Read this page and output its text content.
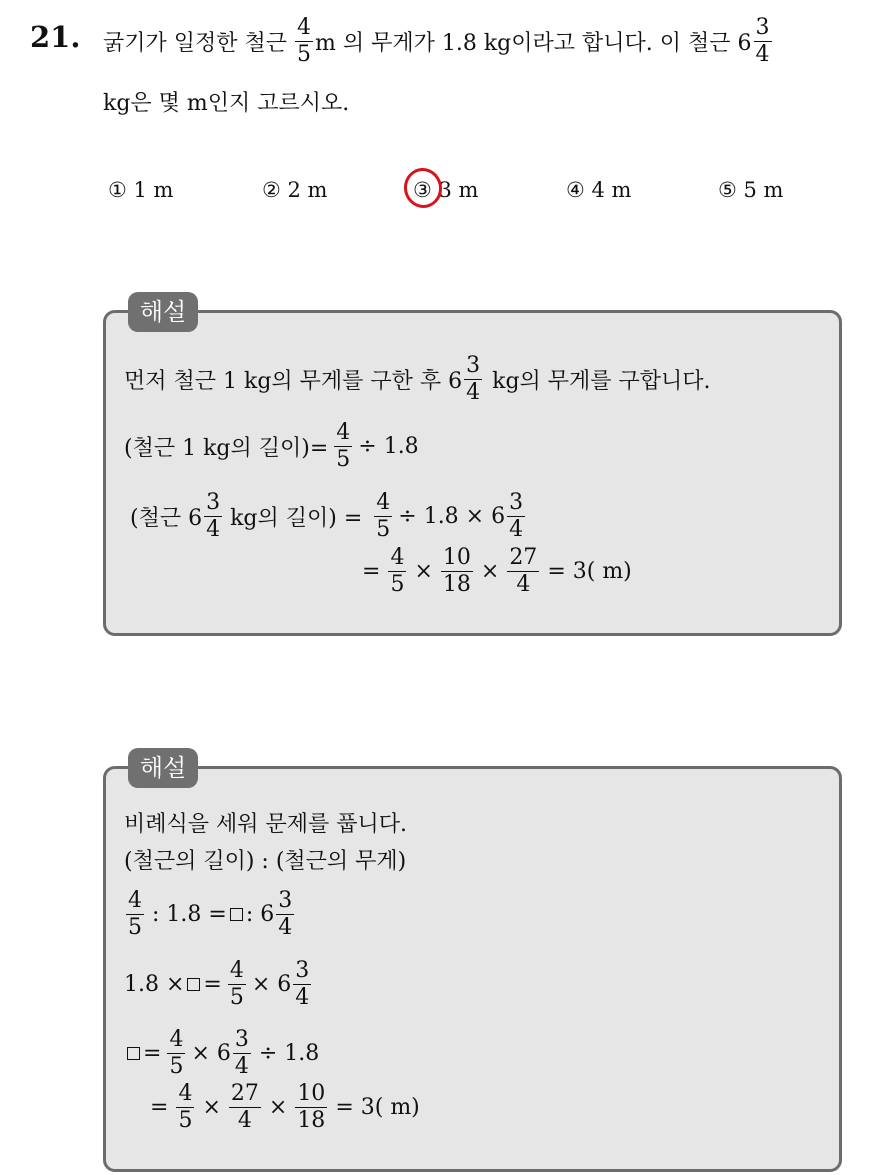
21. 굵기가 일정한 철근 $\frac{4}{5}$ m 의 무게가 1.8 kg이라고 합니다. 이 철근 $6 \frac{3}{4}$
kg은 몇 m인지 고르시오.
① 1 m	② 2 m	③ 3 m	④ 4 m	⑤ 5 m
해설
먼저 철근 1 kg의 무게를 구한 후 $6 \frac{3}{4}$ kg의 무게를 구합니다.
(철근 1 kg의 길이)= $\frac{4}{5} \div 1.8$
(철근 $6 \frac{3}{4}$ kg의 길이) = $\frac{4}{5} \div 1.8 \times 6 \frac{3}{4}$
= $\frac{4}{5} \times \frac{10}{18} \times \frac{27}{4} = 3$( m)
해설
비례식을 세워 문제를 풉니다.
(철근의 길이) : (철근의 무게)
$\frac{4}{5}$ : 1.8 = : $6 \frac{3}{4}$
1.8 × = $\frac{4}{5} \times 6 \frac{3}{4}$
= $\frac{4}{5} \times 6 \frac{3}{4} \div 1.8$
= $\frac{4}{5} \times \frac{27}{4} \times \frac{10}{18} = 3$( m)
